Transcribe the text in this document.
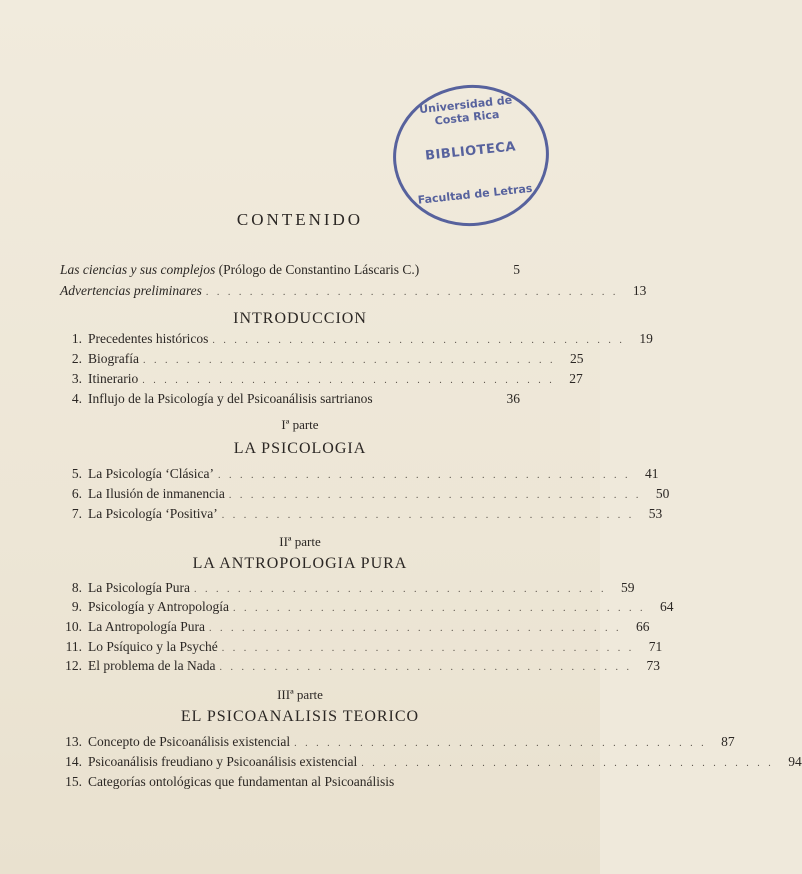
Universidad de Costa Rica
BIBLIOTECA
Facultad de Letras
CONTENIDO
Las ciencias y sus complejos (Prólogo de Constantino Láscaris C.)	5
Advertencias preliminares . . . . . . . . . . . . . . . . . . . . . . . . . . . . . . . . . . . . . .	13
INTRODUCCION
1. Precedentes históricos . . . . . . . . . . . . . . . . . . . . . . . . . . . . . . . . . . . . . .	19
2. Biografía . . . . . . . . . . . . . . . . . . . . . . . . . . . . . . . . . . . . . .	25
3. Itinerario . . . . . . . . . . . . . . . . . . . . . . . . . . . . . . . . . . . . . .	27
4. Influjo de la Psicología y del Psicoanálisis sartrianos	36
Iª parte
LA PSICOLOGIA
5. La Psicología ‘Clásica’ . . . . . . . . . . . . . . . . . . . . . . . . . . . . . . . . . . . . . .	41
6. La Ilusión de inmanencia . . . . . . . . . . . . . . . . . . . . . . . . . . . . . . . . . . . . . .	50
7. La Psicología ‘Positiva’ . . . . . . . . . . . . . . . . . . . . . . . . . . . . . . . . . . . . . .	53
IIª parte
LA ANTROPOLOGIA PURA
8. La Psicología Pura . . . . . . . . . . . . . . . . . . . . . . . . . . . . . . . . . . . . . .	59
9. Psicología y Antropología . . . . . . . . . . . . . . . . . . . . . . . . . . . . . . . . . . . . . .	64
10. La Antropología Pura . . . . . . . . . . . . . . . . . . . . . . . . . . . . . . . . . . . . . .	66
11. Lo Psíquico y la Psyché . . . . . . . . . . . . . . . . . . . . . . . . . . . . . . . . . . . . . .	71
12. El problema de la Nada . . . . . . . . . . . . . . . . . . . . . . . . . . . . . . . . . . . . . .	73
IIIª parte
EL PSICOANALISIS TEORICO
13. Concepto de Psicoanálisis existencial . . . . . . . . . . . . . . . . . . . . . . . . . . . . . . . . . . . . . .	87
14. Psicoanálisis freudiano y Psicoanálisis existencial . . . . . . . . . . . . . . . . . . . . . . . . . . . . . . . . . . . . . .	94
15. Categorías ontológicas que fundamentan al Psicoanálisis
